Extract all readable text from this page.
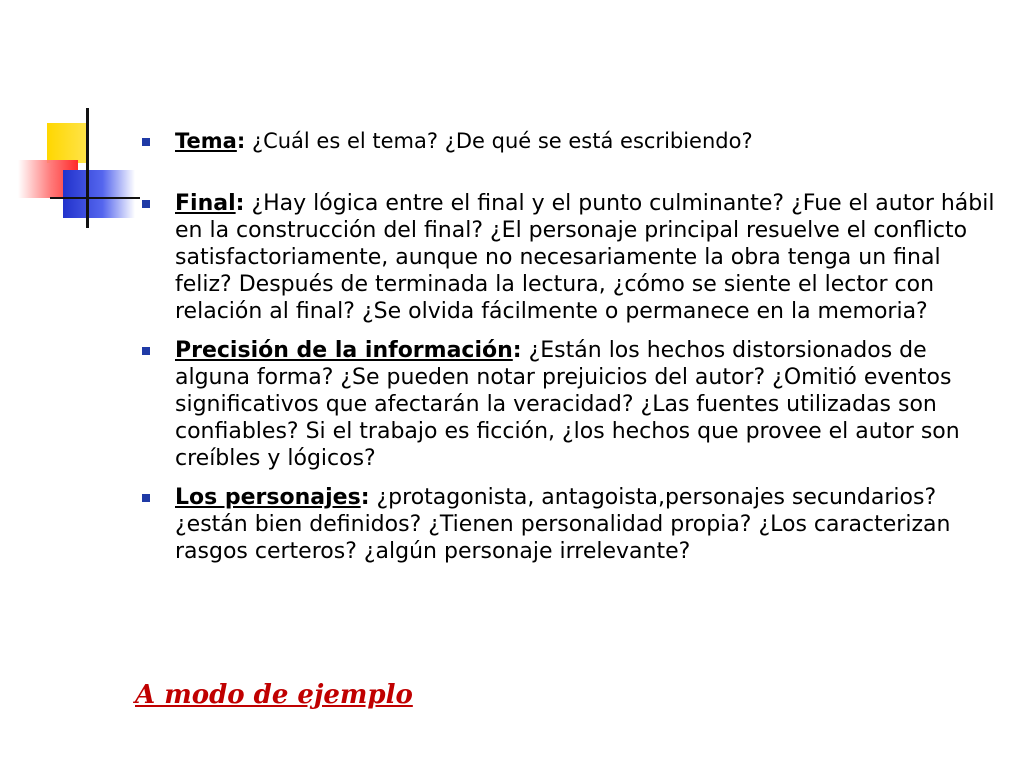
Tema: ¿Cuál es el tema? ¿De qué se está escribiendo?
Final: ¿Hay lógica entre el final y el punto culminante? ¿Fue el autor hábil en la construcción del final? ¿El personaje principal resuelve el conflicto satisfactoriamente, aunque no necesariamente la obra tenga un final feliz? Después de terminada la lectura, ¿cómo se siente el lector con relación al final? ¿Se olvida fácilmente o permanece en la memoria?
Precisión de la información: ¿Están los hechos distorsionados de alguna forma? ¿Se pueden notar prejuicios del autor? ¿Omitió eventos significativos que afectarán la veracidad? ¿Las fuentes utilizadas son confiables? Si el trabajo es ficción, ¿los hechos que provee el autor son creíbles y lógicos?
Los personajes: ¿protagonista, antagoista,personajes secundarios? ¿están bien definidos? ¿Tienen personalidad propia? ¿Los caracterizan rasgos certeros? ¿algún personaje irrelevante?
A modo de ejemplo
